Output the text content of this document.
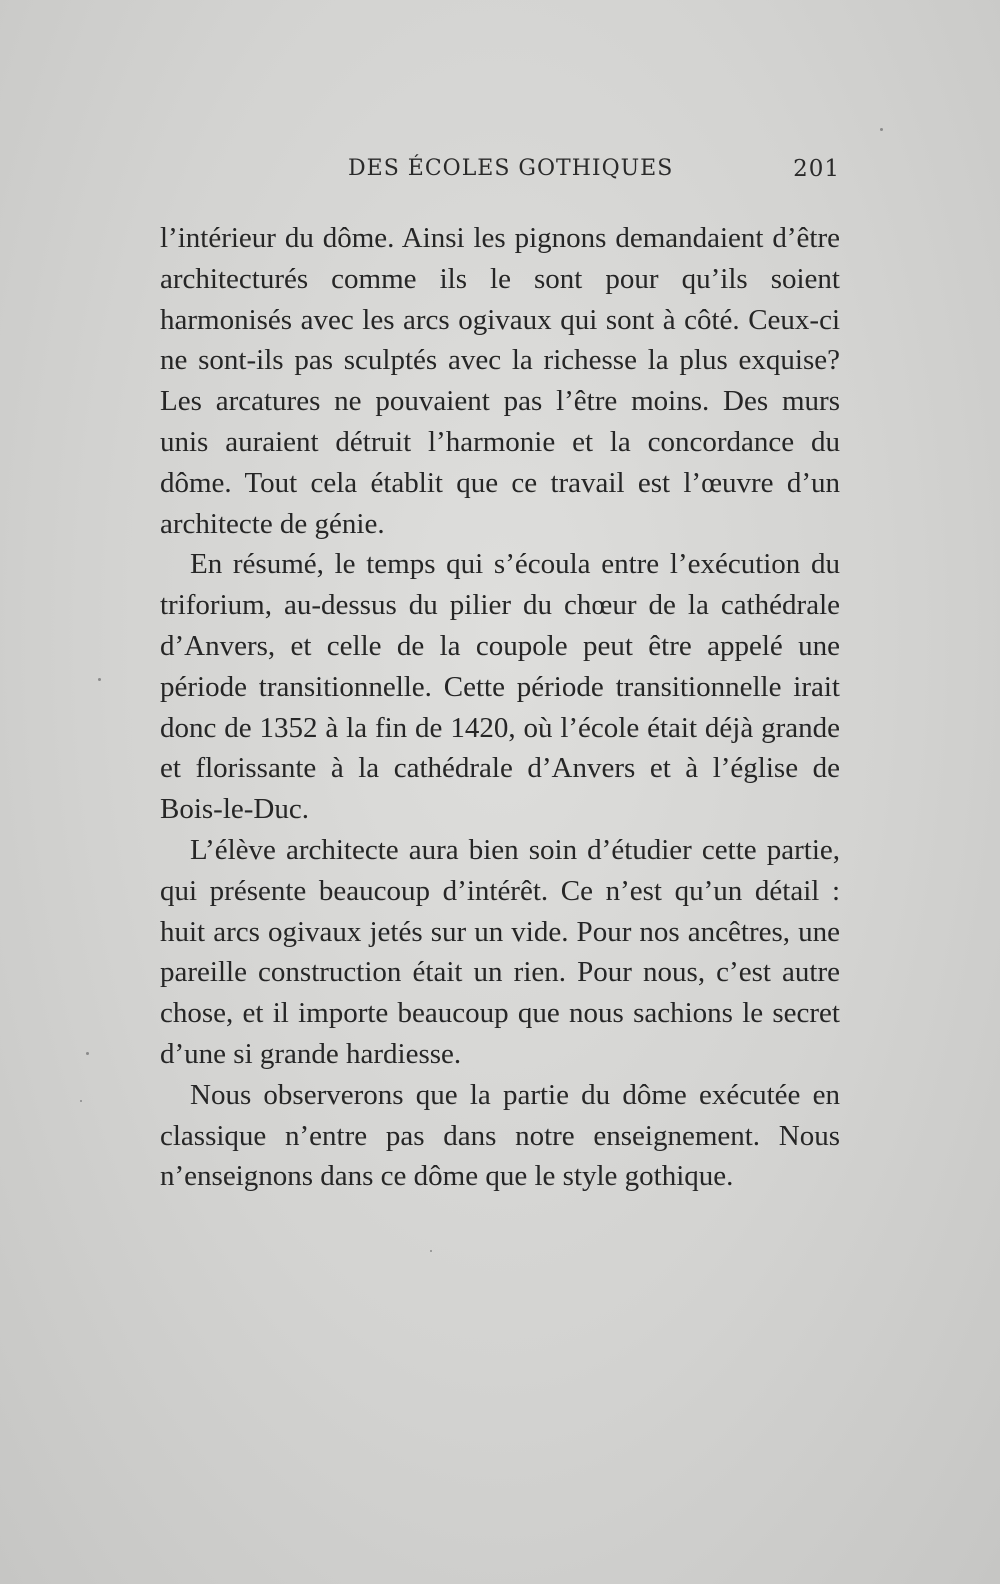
DES ÉCOLES GOTHIQUES	201

l’intérieur du dôme. Ainsi les pignons demandaient d’être architecturés comme ils le sont pour qu’ils soient harmonisés avec les arcs ogivaux qui sont à côté. Ceux-ci ne sont-ils pas sculptés avec la richesse la plus exquise? Les arcatures ne pouvaient pas l’être moins. Des murs unis auraient détruit l’harmonie et la concordance du dôme. Tout cela établit que ce travail est l’œuvre d’un architecte de génie.

En résumé, le temps qui s’écoula entre l’exécution du triforium, au-dessus du pilier du chœur de la cathédrale d’Anvers, et celle de la coupole peut être appelé une période transitionnelle. Cette période transitionnelle irait donc de 1352 à la fin de 1420, où l’école était déjà grande et florissante à la cathédrale d’Anvers et à l’église de Bois-le-Duc.

L’élève architecte aura bien soin d’étudier cette partie, qui présente beaucoup d’intérêt. Ce n’est qu’un détail : huit arcs ogivaux jetés sur un vide. Pour nos ancêtres, une pareille construction était un rien. Pour nous, c’est autre chose, et il importe beaucoup que nous sachions le secret d’une si grande hardiesse.

Nous observerons que la partie du dôme exécutée en classique n’entre pas dans notre enseignement. Nous n’enseignons dans ce dôme que le style gothique.
